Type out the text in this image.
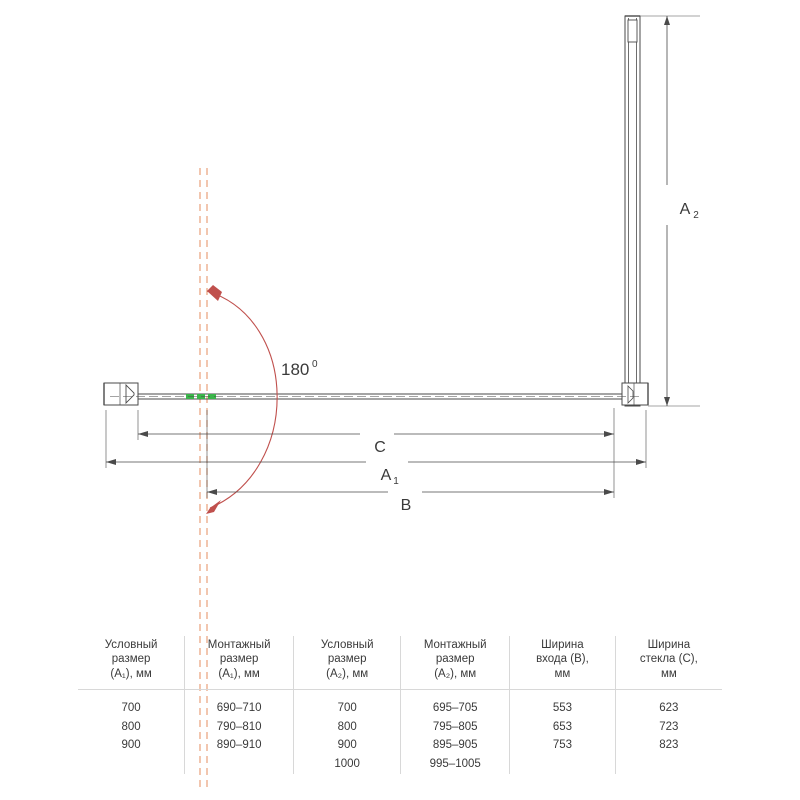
C
A 1
B
A 2
180 0
Условный
размер
(A₁), мм	Монтажный
размер
(A₁), мм	Условный
размер
(A₂), мм	Монтажный
размер
(A₂), мм	Ширина
входа (B),
мм	Ширина
стекла (C),
мм
700	690–710	700	695–705	553	623
800	790–810	800	795–805	653	723
900	890–910	900	895–905	753	823
		1000	995–1005		
